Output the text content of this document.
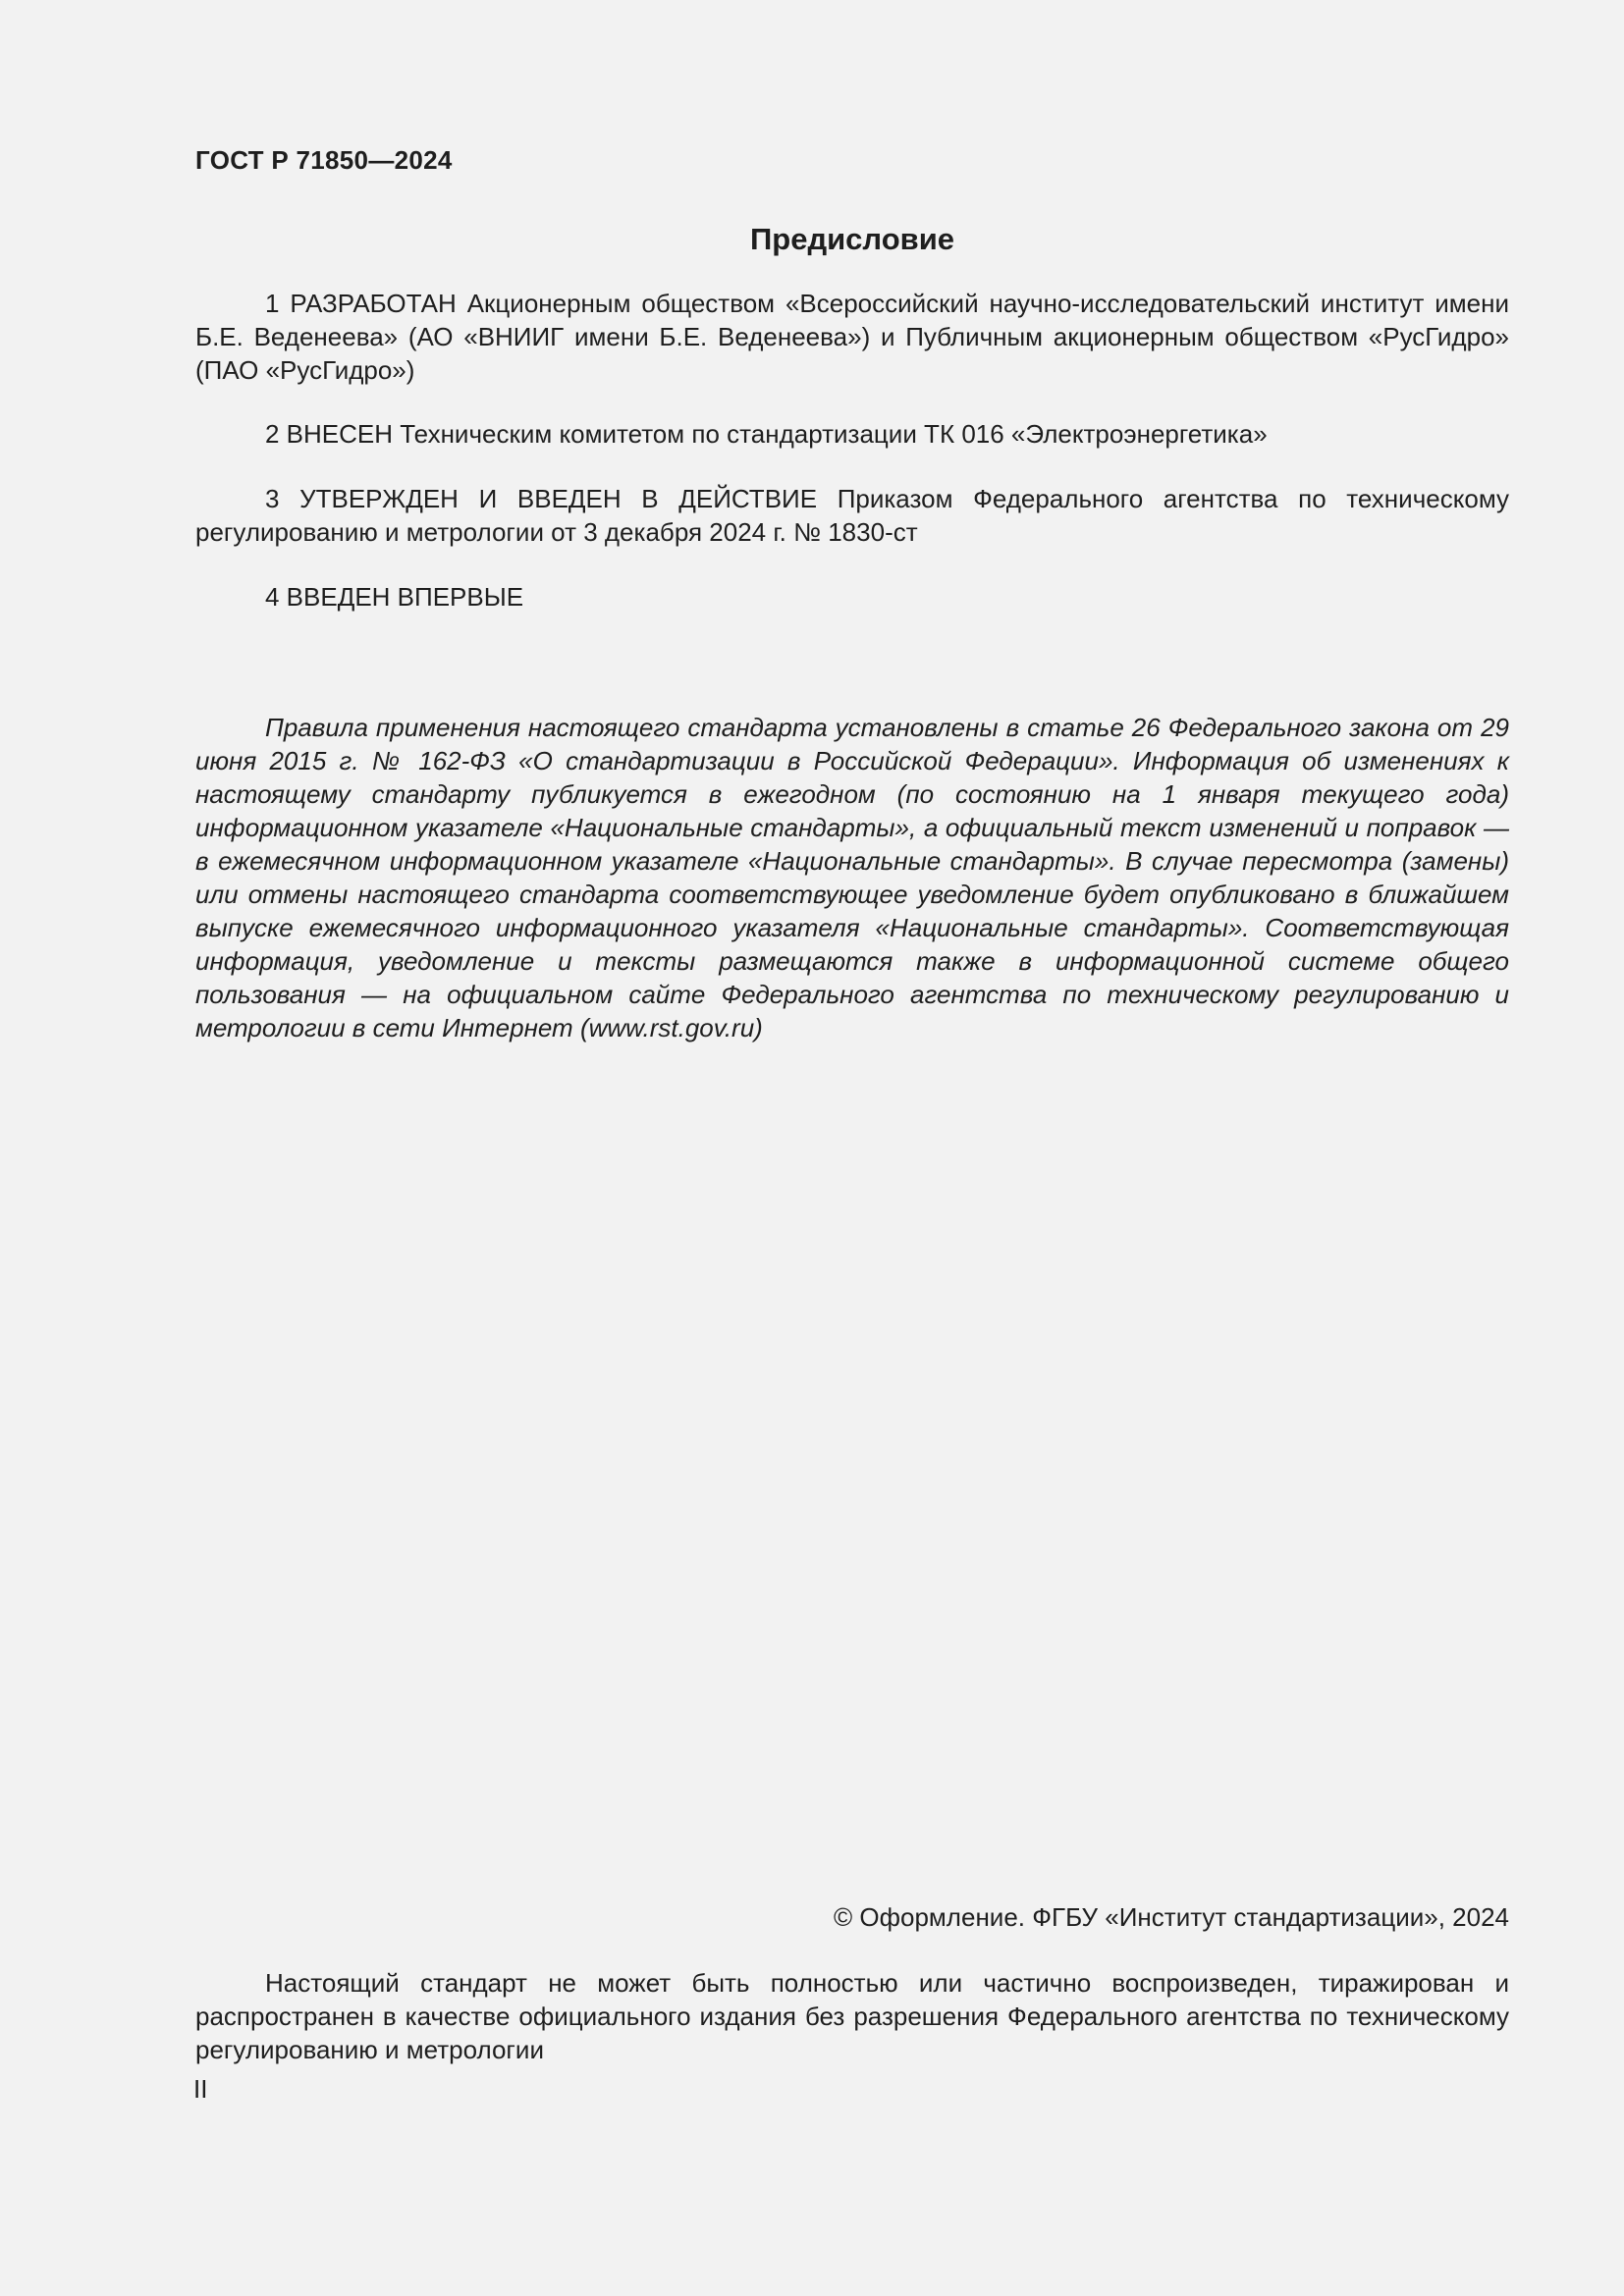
ГОСТ Р 71850—2024
Предисловие

1 РАЗРАБОТАН Акционерным обществом «Всероссийский научно-исследовательский институт имени Б.Е. Веденеева» (АО «ВНИИГ имени Б.Е. Веденеева») и Публичным акционерным обществом «РусГидро» (ПАО «РусГидро»)

2 ВНЕСЕН Техническим комитетом по стандартизации ТК 016 «Электроэнергетика»

3 УТВЕРЖДЕН И ВВЕДЕН В ДЕЙСТВИЕ Приказом Федерального агентства по техническому регулированию и метрологии от 3 декабря 2024 г. № 1830-ст

4 ВВЕДЕН ВПЕРВЫЕ

Правила применения настоящего стандарта установлены в статье 26 Федерального закона от 29 июня 2015 г. № 162-ФЗ «О стандартизации в Российской Федерации». Информация об изменениях к настоящему стандарту публикуется в ежегодном (по состоянию на 1 января текущего года) информационном указателе «Национальные стандарты», а официальный текст изменений и поправок — в ежемесячном информационном указателе «Национальные стандарты». В случае пересмотра (замены) или отмены настоящего стандарта соответствующее уведомление будет опубликовано в ближайшем выпуске ежемесячного информационного указателя «Национальные стандарты». Соответствующая информация, уведомление и тексты размещаются также в информационной системе общего пользования — на официальном сайте Федерального агентства по техническому регулированию и метрологии в сети Интернет (www.rst.gov.ru)

© Оформление. ФГБУ «Институт стандартизации», 2024

Настоящий стандарт не может быть полностью или частично воспроизведен, тиражирован и распространен в качестве официального издания без разрешения Федерального агентства по техническому регулированию и метрологии

II
